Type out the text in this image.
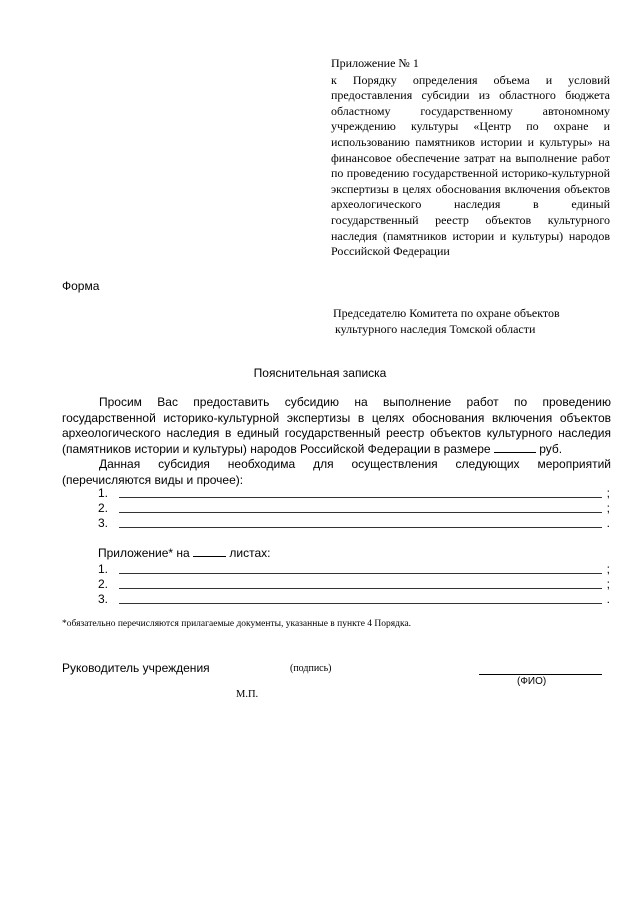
Приложение № 1
к Порядку определения объема и условий предоставления субсидии из областного бюджета областному государственному автономному учреждению культуры «Центр по охране и использованию памятников истории и культуры» на финансовое обеспечение затрат на выполнение работ по проведению государственной историко-культурной экспертизы в целях обоснования включения объектов археологического наследия в единый государственный реестр объектов культурного наследия (памятников истории и культуры) народов Российской Федерации
Форма
Председателю Комитета по охране объектов
культурного наследия Томской области
Пояснительная записка

Просим Вас предоставить субсидию на выполнение работ по проведению государственной историко-культурной экспертизы в целях обоснования включения объектов археологического наследия в единый государственный реестр объектов культурного наследия (памятников истории и культуры) народов Российской Федерации в размере	руб.

Данная субсидия необходима для осуществления следующих мероприятий (перечисляются виды и прочее):

1.	;
2.	;
3.	.
Приложение* на	листах:
1.	;
2.	;
3.	.
*обязательно перечисляются прилагаемые документы, указанные в пункте 4 Порядка.
Руководитель учреждения	(подпись)
(ФИО)
М.П.
